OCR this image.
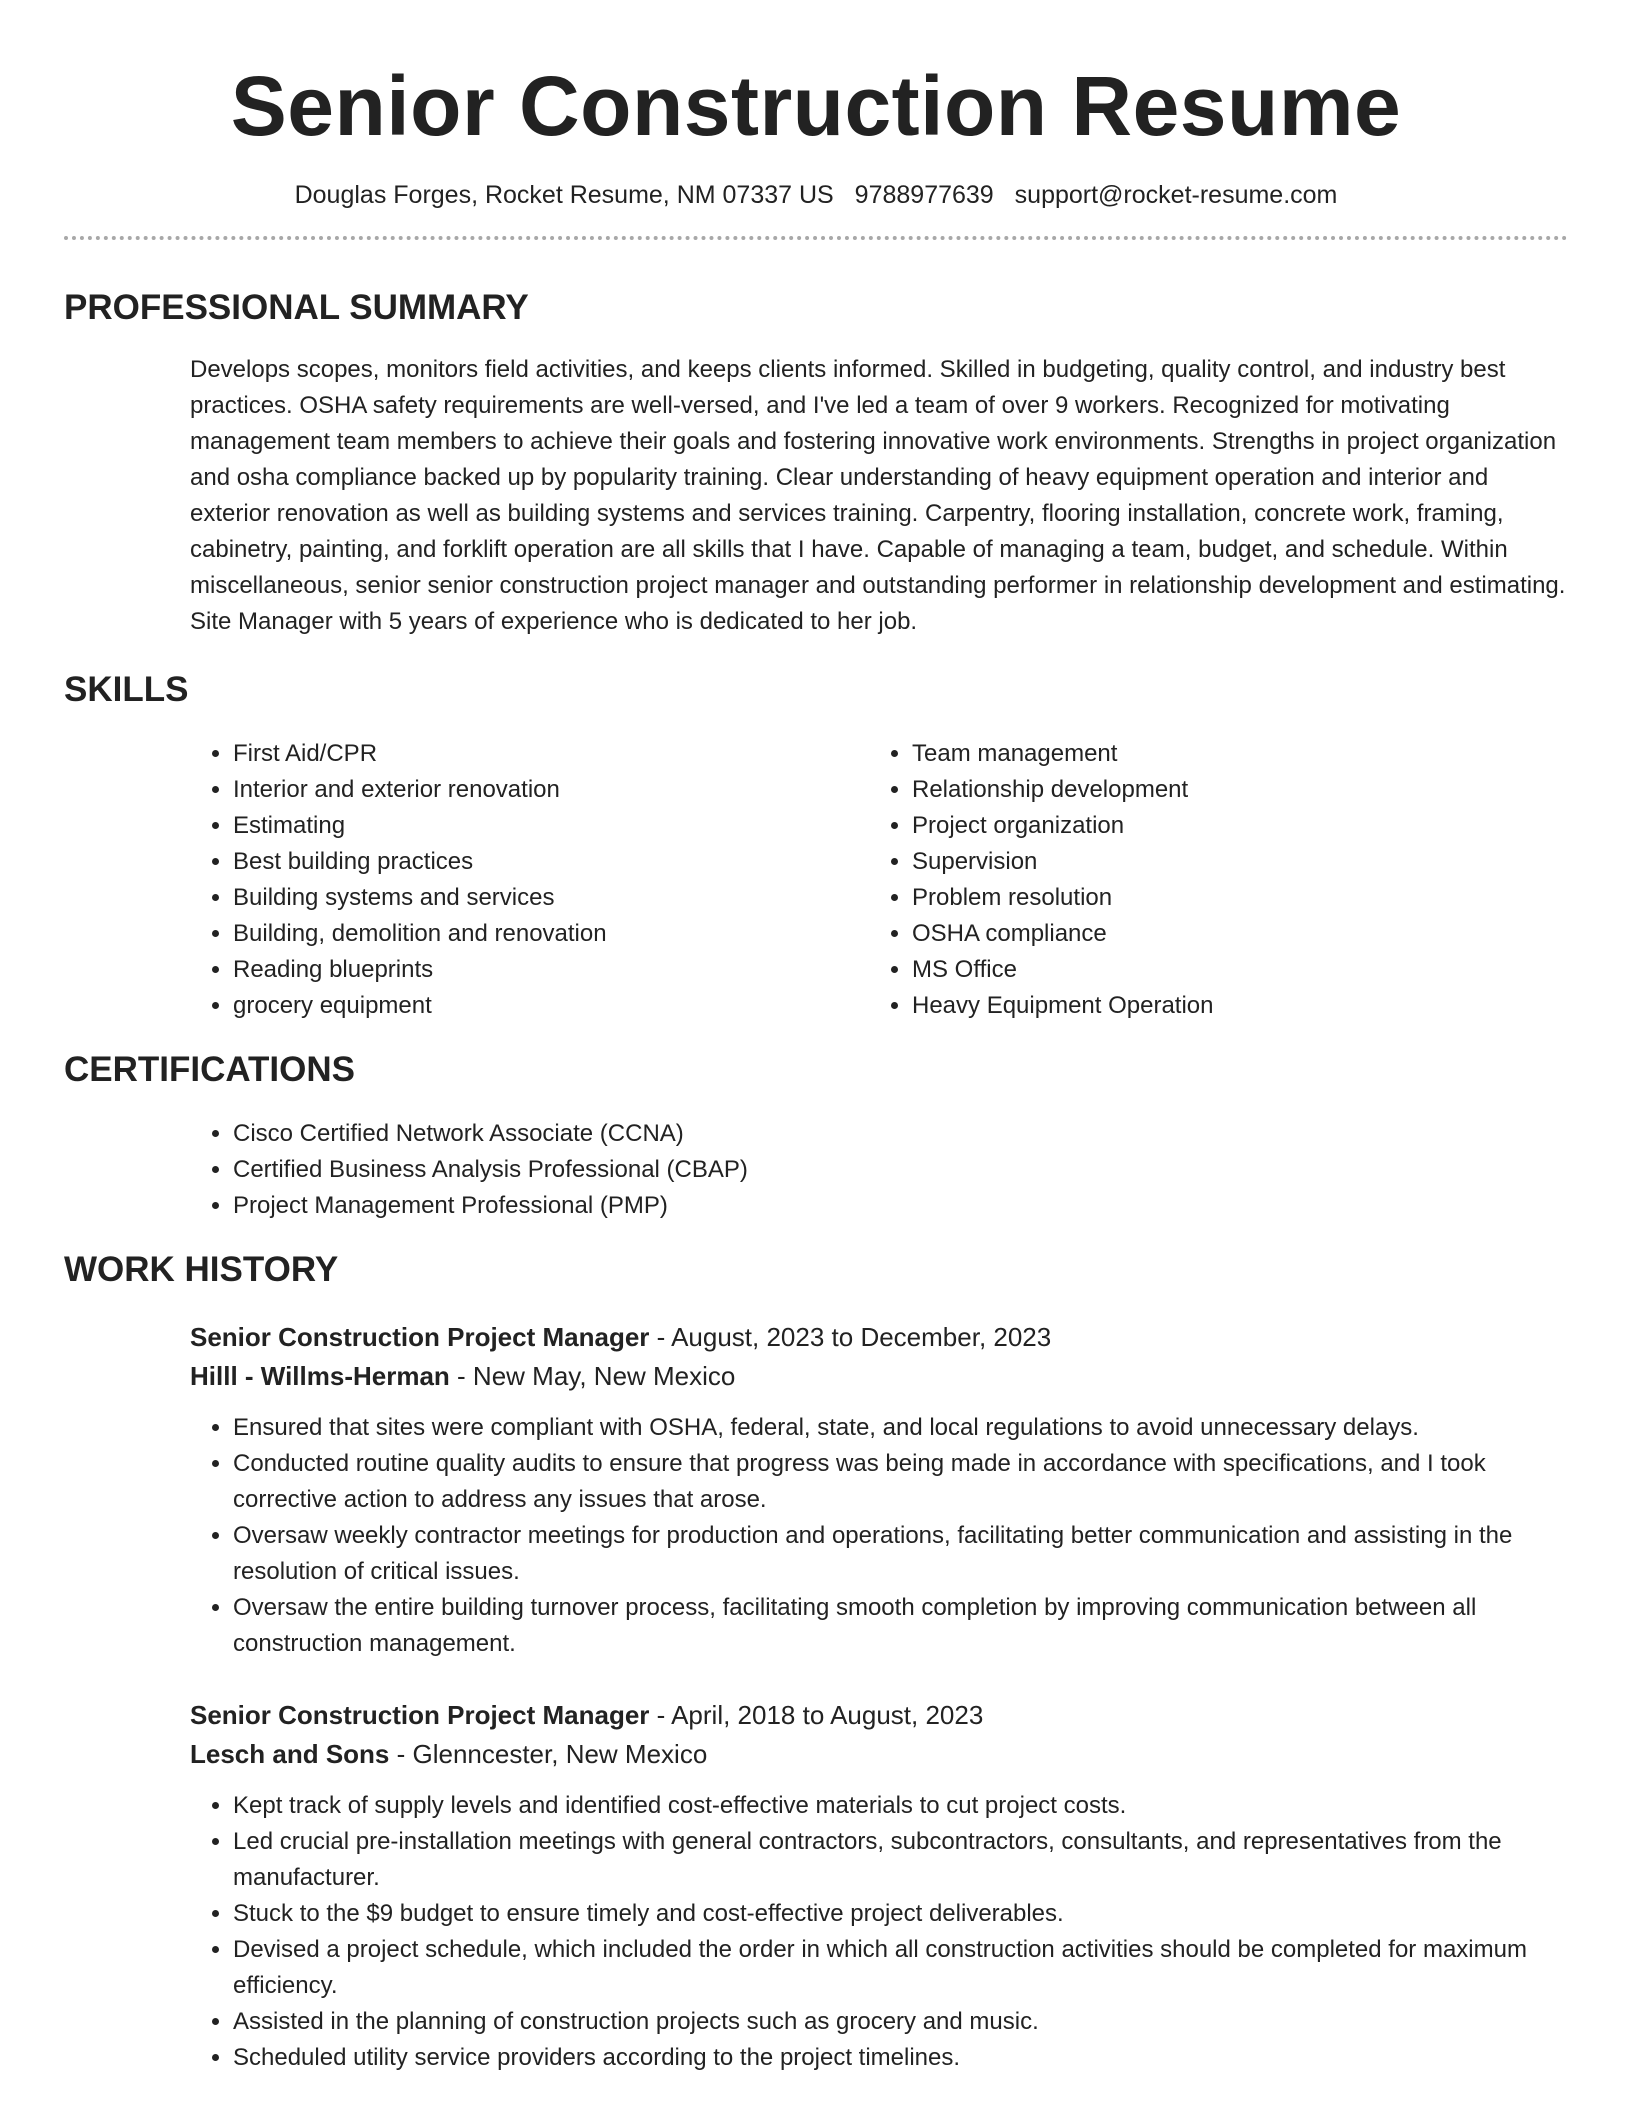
Senior Construction Resume
Douglas Forges, Rocket Resume, NM 07337 US 9788977639 support@rocket-resume.com
PROFESSIONAL SUMMARY

Develops scopes, monitors field activities, and keeps clients informed. Skilled in budgeting, quality control, and industry best practices. OSHA safety requirements are well-versed, and I've led a team of over 9 workers. Recognized for motivating management team members to achieve their goals and fostering innovative work environments. Strengths in project organization and osha compliance backed up by popularity training. Clear understanding of heavy equipment operation and interior and exterior renovation as well as building systems and services training. Carpentry, flooring installation, concrete work, framing, cabinetry, painting, and forklift operation are all skills that I have. Capable of managing a team, budget, and schedule. Within miscellaneous, senior senior construction project manager and outstanding performer in relationship development and estimating. Site Manager with 5 years of experience who is dedicated to her job.

SKILLS
• First Aid/CPR
• Interior and exterior renovation
• Estimating
• Best building practices
• Building systems and services
• Building, demolition and renovation
• Reading blueprints
• grocery equipment
• Team management
• Relationship development
• Project organization
• Supervision
• Problem resolution
• OSHA compliance
• MS Office
• Heavy Equipment Operation
CERTIFICATIONS
• Cisco Certified Network Associate (CCNA)
• Certified Business Analysis Professional (CBAP)
• Project Management Professional (PMP)
WORK HISTORY
Senior Construction Project Manager - August, 2023 to December, 2023
Hilll - Willms-Herman - New May, New Mexico
• Ensured that sites were compliant with OSHA, federal, state, and local regulations to avoid unnecessary delays.
• Conducted routine quality audits to ensure that progress was being made in accordance with specifications, and I took corrective action to address any issues that arose.
• Oversaw weekly contractor meetings for production and operations, facilitating better communication and assisting in the resolution of critical issues.
• Oversaw the entire building turnover process, facilitating smooth completion by improving communication between all construction management.
Senior Construction Project Manager - April, 2018 to August, 2023
Lesch and Sons - Glenncester, New Mexico
• Kept track of supply levels and identified cost-effective materials to cut project costs.
• Led crucial pre-installation meetings with general contractors, subcontractors, consultants, and representatives from the manufacturer.
• Stuck to the $9 budget to ensure timely and cost-effective project deliverables.
• Devised a project schedule, which included the order in which all construction activities should be completed for maximum efficiency.
• Assisted in the planning of construction projects such as grocery and music.
• Scheduled utility service providers according to the project timelines.
